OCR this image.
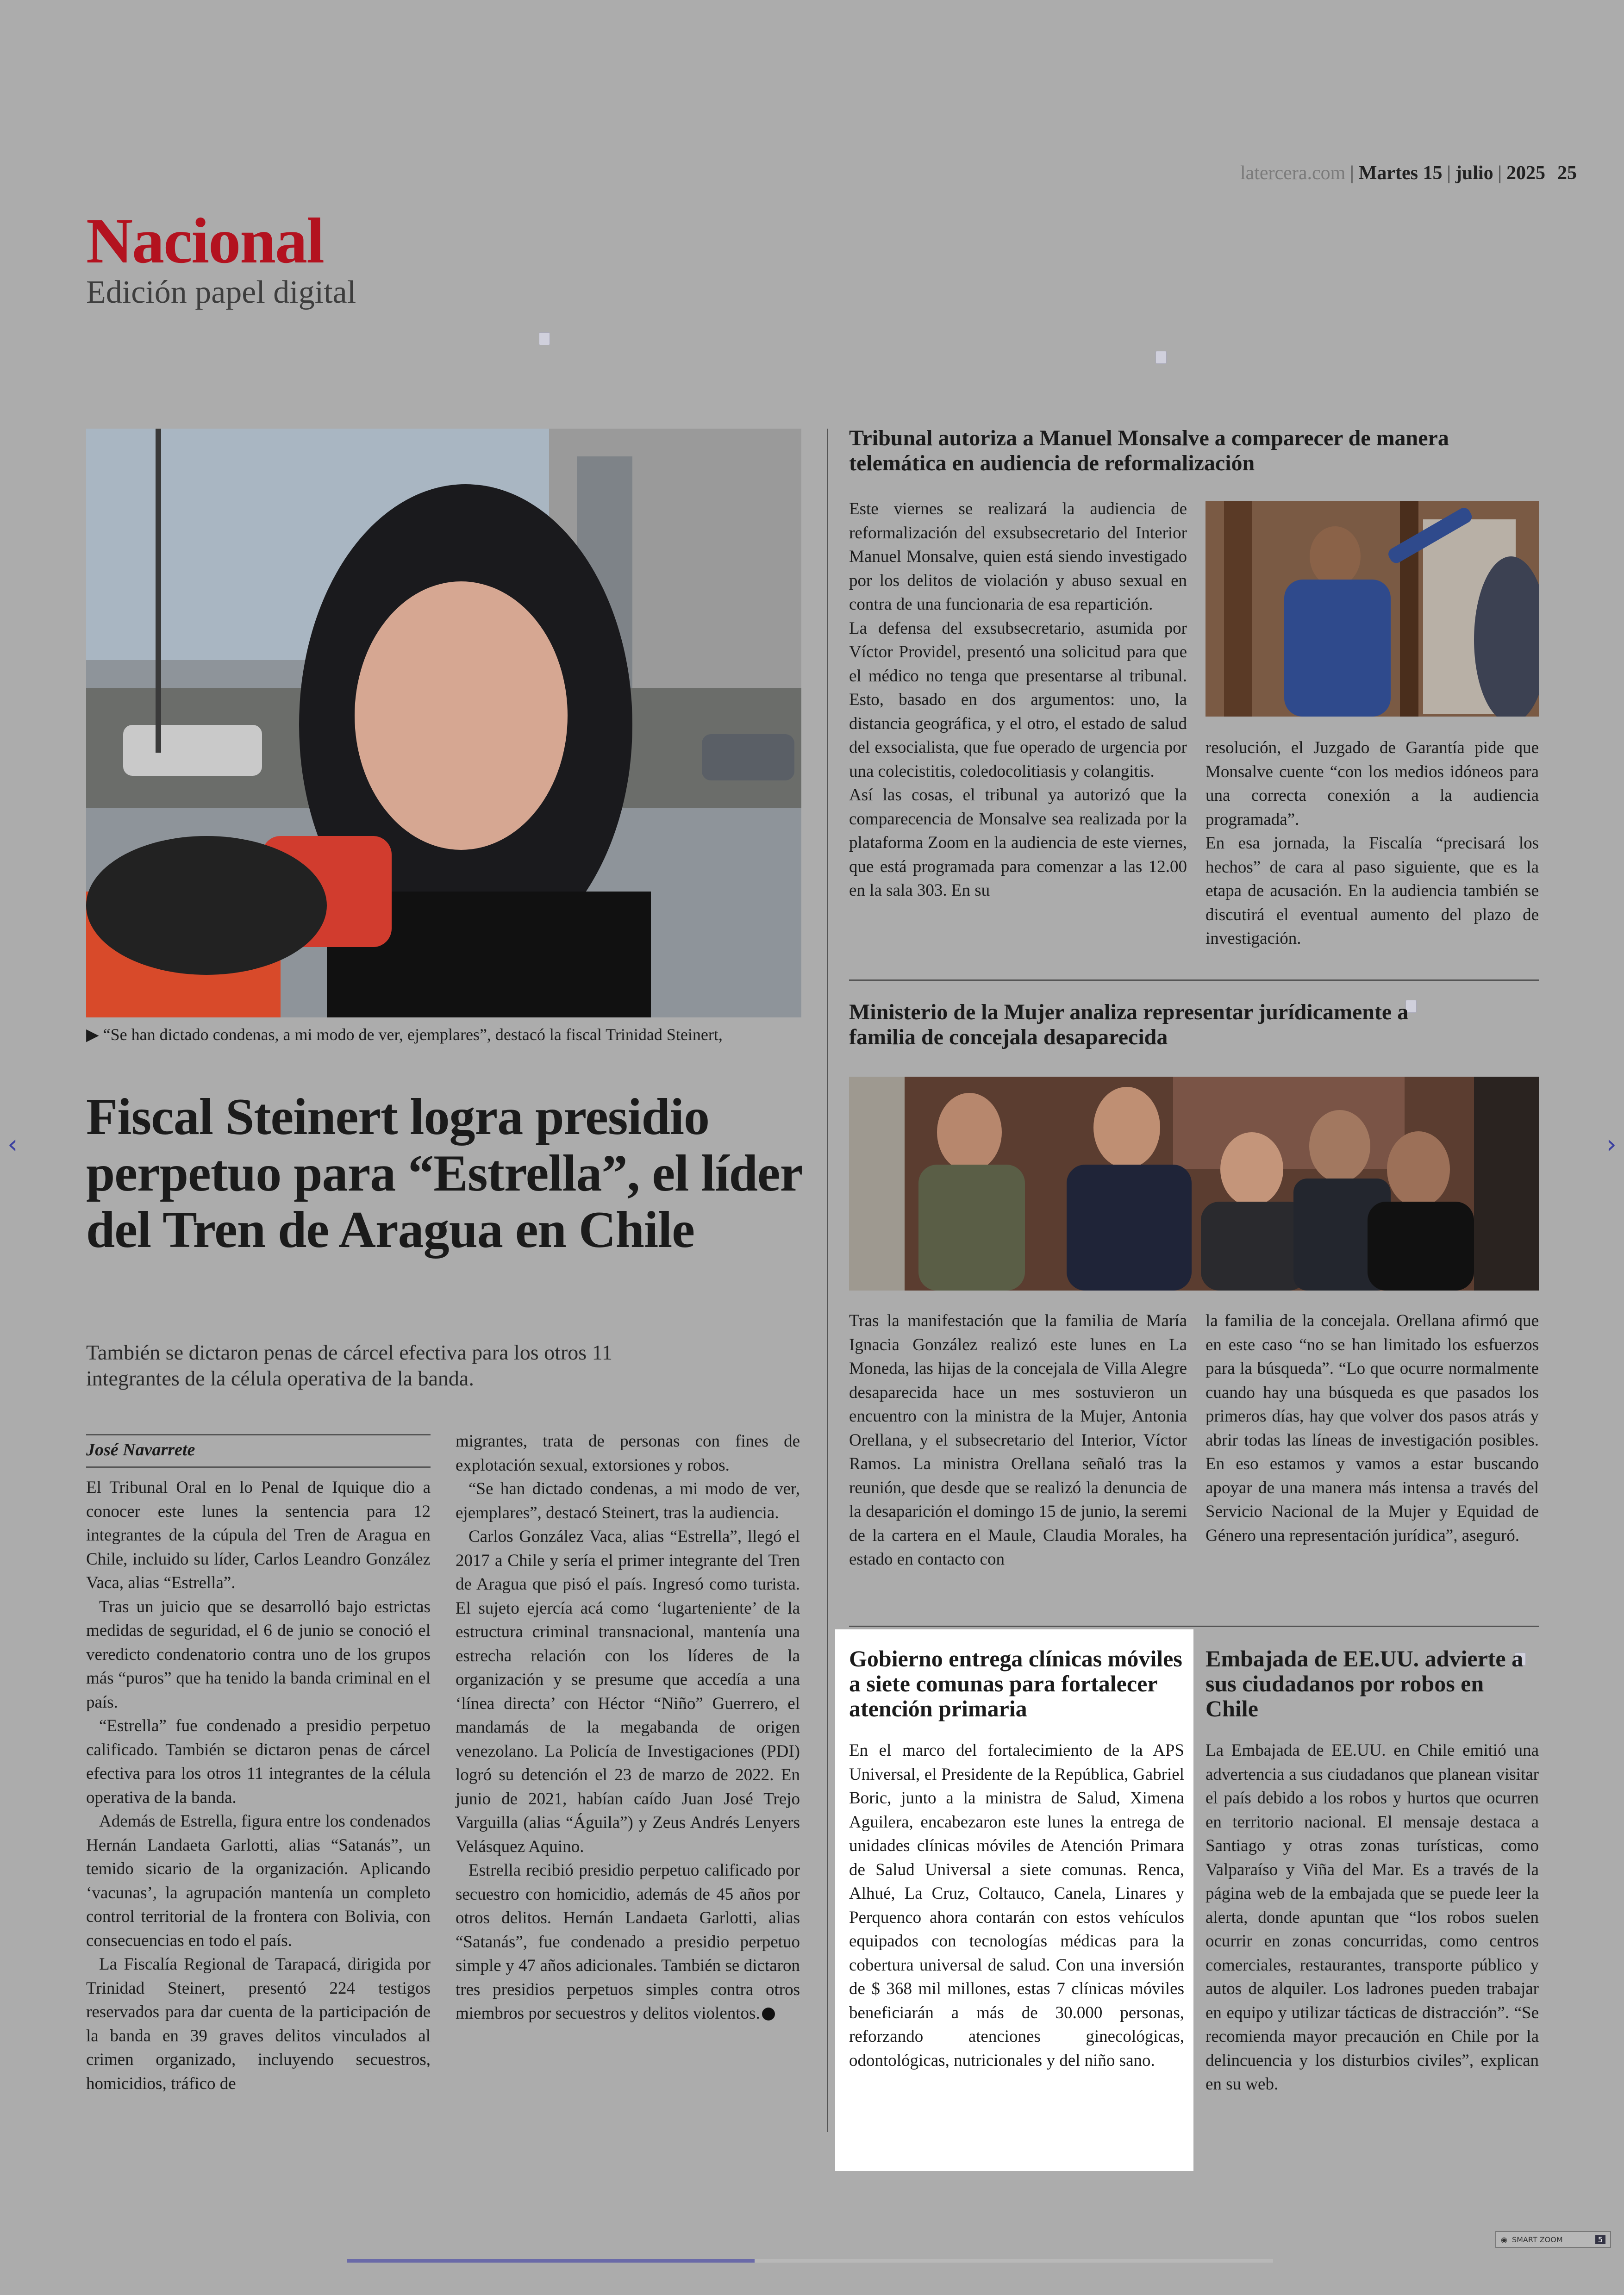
latercera.com | Martes 15 | julio | 2025 25
Nacional
Edición papel digital
▶ “Se han dictado condenas, a mi modo de ver, ejemplares”, destacó la fiscal Trinidad Steinert,
Fiscal Steinert logra presidio perpetuo para “Estrella”, el líder del Tren de Aragua en Chile
También se dictaron penas de cárcel efectiva para los otros 11 integrantes de la célula operativa de la banda.
José Navarrete

El Tribunal Oral en lo Penal de Iquique dio a conocer este lunes la sentencia para 12 integrantes de la cúpula del Tren de Aragua en Chile, incluido su líder, Carlos Leandro González Vaca, alias “Estrella”.

Tras un juicio que se desarrolló bajo estrictas medidas de seguridad, el 6 de junio se conoció el veredicto condenatorio contra uno de los grupos más “puros” que ha tenido la banda criminal en el país.

“Estrella” fue condenado a presidio perpetuo calificado. También se dictaron penas de cárcel efectiva para los otros 11 integrantes de la célula operativa de la banda.

Además de Estrella, figura entre los condenados Hernán Landaeta Garlotti, alias “Satanás”, un temido sicario de la organización. Aplicando ‘vacunas’, la agrupación mantenía un completo control territorial de la frontera con Bolivia, con consecuencias en todo el país.

La Fiscalía Regional de Tarapacá, dirigida por Trinidad Steinert, presentó 224 testigos reservados para dar cuenta de la participación de la banda en 39 graves delitos vinculados al crimen organizado, incluyendo secuestros, homicidios, tráfico de

migrantes, trata de personas con fines de explotación sexual, extorsiones y robos.

“Se han dictado condenas, a mi modo de ver, ejemplares”, destacó Steinert, tras la audiencia.

Carlos González Vaca, alias “Estrella”, llegó el 2017 a Chile y sería el primer integrante del Tren de Aragua que pisó el país. Ingresó como turista. El sujeto ejercía acá como ‘lugarteniente’ de la estructura criminal transnacional, mantenía una estrecha relación con los líderes de la organización y se presume que accedía a una ‘línea directa’ con Héctor “Niño” Guerrero, el mandamás de la megabanda de origen venezolano. La Policía de Investigaciones (PDI) logró su detención el 23 de marzo de 2022. En junio de 2021, habían caído Juan José Trejo Varguilla (alias “Águila”) y Zeus Andrés Lenyers Velásquez Aquino.

Estrella recibió presidio perpetuo calificado por secuestro con homicidio, además de 45 años por otros delitos. Hernán Landaeta Garlotti, alias “Satanás”, fue condenado a presidio perpetuo simple y 47 años adicionales. También se dictaron tres presidios perpetuos simples contra otros miembros por secuestros y delitos violentos.

Tribunal autoriza a Manuel Monsalve a comparecer de manera telemática en audiencia de reformalización
Este viernes se realizará la audiencia de reformalización del exsubsecretario del Interior Manuel Monsalve, quien está siendo investigado por los delitos de violación y abuso sexual en contra de una funcionaria de esa repartición.
La defensa del exsubsecretario, asumida por Víctor Providel, presentó una solicitud para que el médico no tenga que presentarse al tribunal. Esto, basado en dos argumentos: uno, la distancia geográfica, y el otro, el estado de salud del exsocialista, que fue operado de urgencia por una colecistitis, coledocolitiasis y colangitis.
Así las cosas, el tribunal ya autorizó que la comparecencia de Monsalve sea realizada por la plataforma Zoom en la audiencia de este viernes, que está programada para comenzar a las 12.00 en la sala 303. En su
resolución, el Juzgado de Garantía pide que Monsalve cuente “con los medios idóneos para una correcta conexión a la audiencia programada”.
En esa jornada, la Fiscalía “precisará los hechos” de cara al paso siguiente, que es la etapa de acusación. En la audiencia también se discutirá el eventual aumento del plazo de investigación.
Ministerio de la Mujer analiza representar jurídicamente a familia de concejala desaparecida
Tras la manifestación que la familia de María Ignacia González realizó este lunes en La Moneda, las hijas de la concejala de Villa Alegre desaparecida hace un mes sostuvieron un encuentro con la ministra de la Mujer, Antonia Orellana, y el subsecretario del Interior, Víctor Ramos. La ministra Orellana señaló tras la reunión, que desde que se realizó la denuncia de la desaparición el domingo 15 de junio, la seremi de la cartera en el Maule, Claudia Morales, ha estado en contacto con
la familia de la concejala. Orellana afirmó que en este caso “no se han limitado los esfuerzos para la búsqueda”. “Lo que ocurre normalmente cuando hay una búsqueda es que pasados los primeros días, hay que volver dos pasos atrás y abrir todas las líneas de investigación posibles. En eso estamos y vamos a estar buscando apoyar de una manera más intensa a través del Servicio Nacional de la Mujer y Equidad de Género una representación jurídica”, aseguró.
Gobierno entrega clínicas móviles a siete comunas para fortalecer atención primaria
En el marco del fortalecimiento de la APS Universal, el Presidente de la República, Gabriel Boric, junto a la ministra de Salud, Ximena Aguilera, encabezaron este lunes la entrega de unidades clínicas móviles de Atención Primara de Salud Universal a siete comunas. Renca, Alhué, La Cruz, Coltauco, Canela, Linares y Perquenco ahora contarán con estos vehículos equipados con tecnologías médicas para la cobertura universal de salud. Con una inversión de $ 368 mil millones, estas 7 clínicas móviles beneficiarán a más de 30.000 personas, reforzando atenciones ginecológicas, odontológicas, nutricionales y del niño sano.
Embajada de EE.UU. advierte a sus ciudadanos por robos en Chile
La Embajada de EE.UU. en Chile emitió una advertencia a sus ciudadanos que planean visitar el país debido a los robos y hurtos que ocurren en territorio nacional. El mensaje destaca a Santiago y otras zonas turísticas, como Valparaíso y Viña del Mar. Es a través de la página web de la embajada que se puede leer la alerta, donde apuntan que “los robos suelen ocurrir en zonas concurridas, como centros comerciales, restaurantes, transporte público y autos de alquiler. Los ladrones pueden trabajar en equipo y utilizar tácticas de distracción”. “Se recomienda mayor precaución en Chile por la delincuencia y los disturbios civiles”, explican en su web.
‹	›
◉ SMART ZOOM	5
